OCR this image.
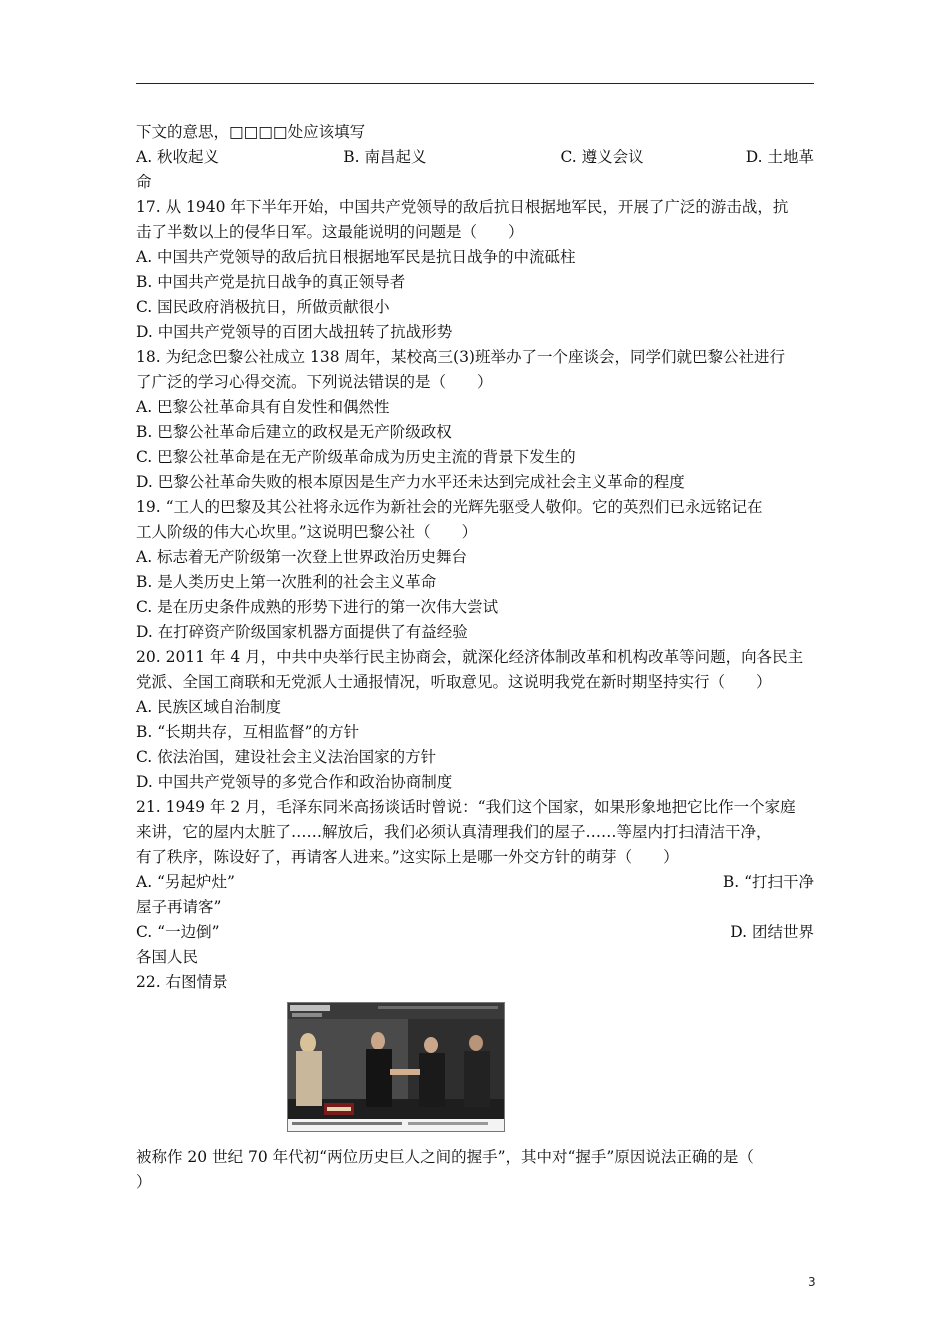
下文的意思，□□□□处应该填写
A. 秋收起义	B. 南昌起义	C. 遵义会议	D. 土地革
命
17. 从 1940 年下半年开始，中国共产党领导的敌后抗日根据地军民，开展了广泛的游击战，抗
击了半数以上的侵华日军。这最能说明的问题是（　　）
A. 中国共产党领导的敌后抗日根据地军民是抗日战争的中流砥柱
B. 中国共产党是抗日战争的真正领导者
C. 国民政府消极抗日，所做贡献很小
D. 中国共产党领导的百团大战扭转了抗战形势
18. 为纪念巴黎公社成立 138 周年，某校高三(3)班举办了一个座谈会，同学们就巴黎公社进行
了广泛的学习心得交流。下列说法错误的是（　　）
A. 巴黎公社革命具有自发性和偶然性
B. 巴黎公社革命后建立的政权是无产阶级政权
C. 巴黎公社革命是在无产阶级革命成为历史主流的背景下发生的
D. 巴黎公社革命失败的根本原因是生产力水平还未达到完成社会主义革命的程度
19. “工人的巴黎及其公社将永远作为新社会的光辉先驱受人敬仰。它的英烈们已永远铭记在
工人阶级的伟大心坎里。”这说明巴黎公社（　　）
A. 标志着无产阶级第一次登上世界政治历史舞台
B. 是人类历史上第一次胜利的社会主义革命
C. 是在历史条件成熟的形势下进行的第一次伟大尝试
D. 在打碎资产阶级国家机器方面提供了有益经验
20. 2011 年 4 月，中共中央举行民主协商会，就深化经济体制改革和机构改革等问题，向各民主
党派、全国工商联和无党派人士通报情况，听取意见。这说明我党在新时期坚持实行（　　）
A. 民族区域自治制度
B. “长期共存，互相监督”的方针
C. 依法治国，建设社会主义法治国家的方针
D. 中国共产党领导的多党合作和政治协商制度
21. 1949 年 2 月，毛泽东同米高扬谈话时曾说：“我们这个国家，如果形象地把它比作一个家庭
来讲，它的屋内太脏了……解放后，我们必须认真清理我们的屋子……等屋内打扫清洁干净，
有了秩序，陈设好了，再请客人进来。”这实际上是哪一外交方针的萌芽（　　）
A. “另起炉灶”	B. “打扫干净
屋子再请客”
C. “一边倒”	D. 团结世界
各国人民
22. 右图情景
被称作 20 世纪 70 年代初“两位历史巨人之间的握手”，其中对“握手”原因说法正确的是（
）
3
